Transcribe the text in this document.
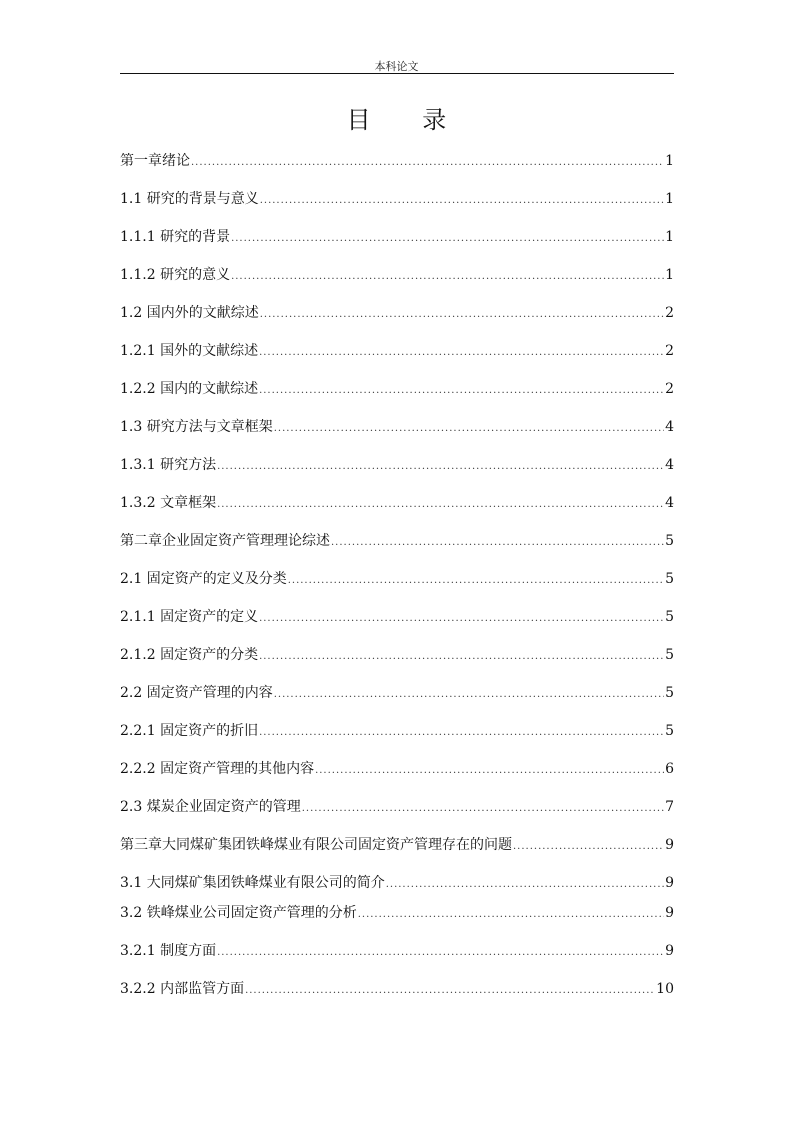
本科论文
目 录
第一章绪论 .....	1
1.1 研究的背景与意义 .....	1
1.1.1 研究的背景 .....	1
1.1.2 研究的意义 .....	1
1.2 国内外的文献综述 .....	2
1.2.1 国外的文献综述 .....	2
1.2.2 国内的文献综述 .....	2
1.3 研究方法与文章框架 .....	4
1.3.1 研究方法 .....	4
1.3.2 文章框架 .....	4
第二章企业固定资产管理理论综述 .....	5
2.1 固定资产的定义及分类 .....	5
2.1.1 固定资产的定义 .....	5
2.1.2 固定资产的分类 .....	5
2.2 固定资产管理的内容 .....	5
2.2.1 固定资产的折旧 .....	5
2.2.2 固定资产管理的其他内容 .....	6
2.3 煤炭企业固定资产的管理 .....	7
第三章大同煤矿集团铁峰煤业有限公司固定资产管理存在的问题 .....	9
3.1 大同煤矿集团铁峰煤业有限公司的简介 .....	9
3.2 铁峰煤业公司固定资产管理的分析 .....	9
3.2.1 制度方面 .....	9
3.2.2 内部监管方面 .....	10
